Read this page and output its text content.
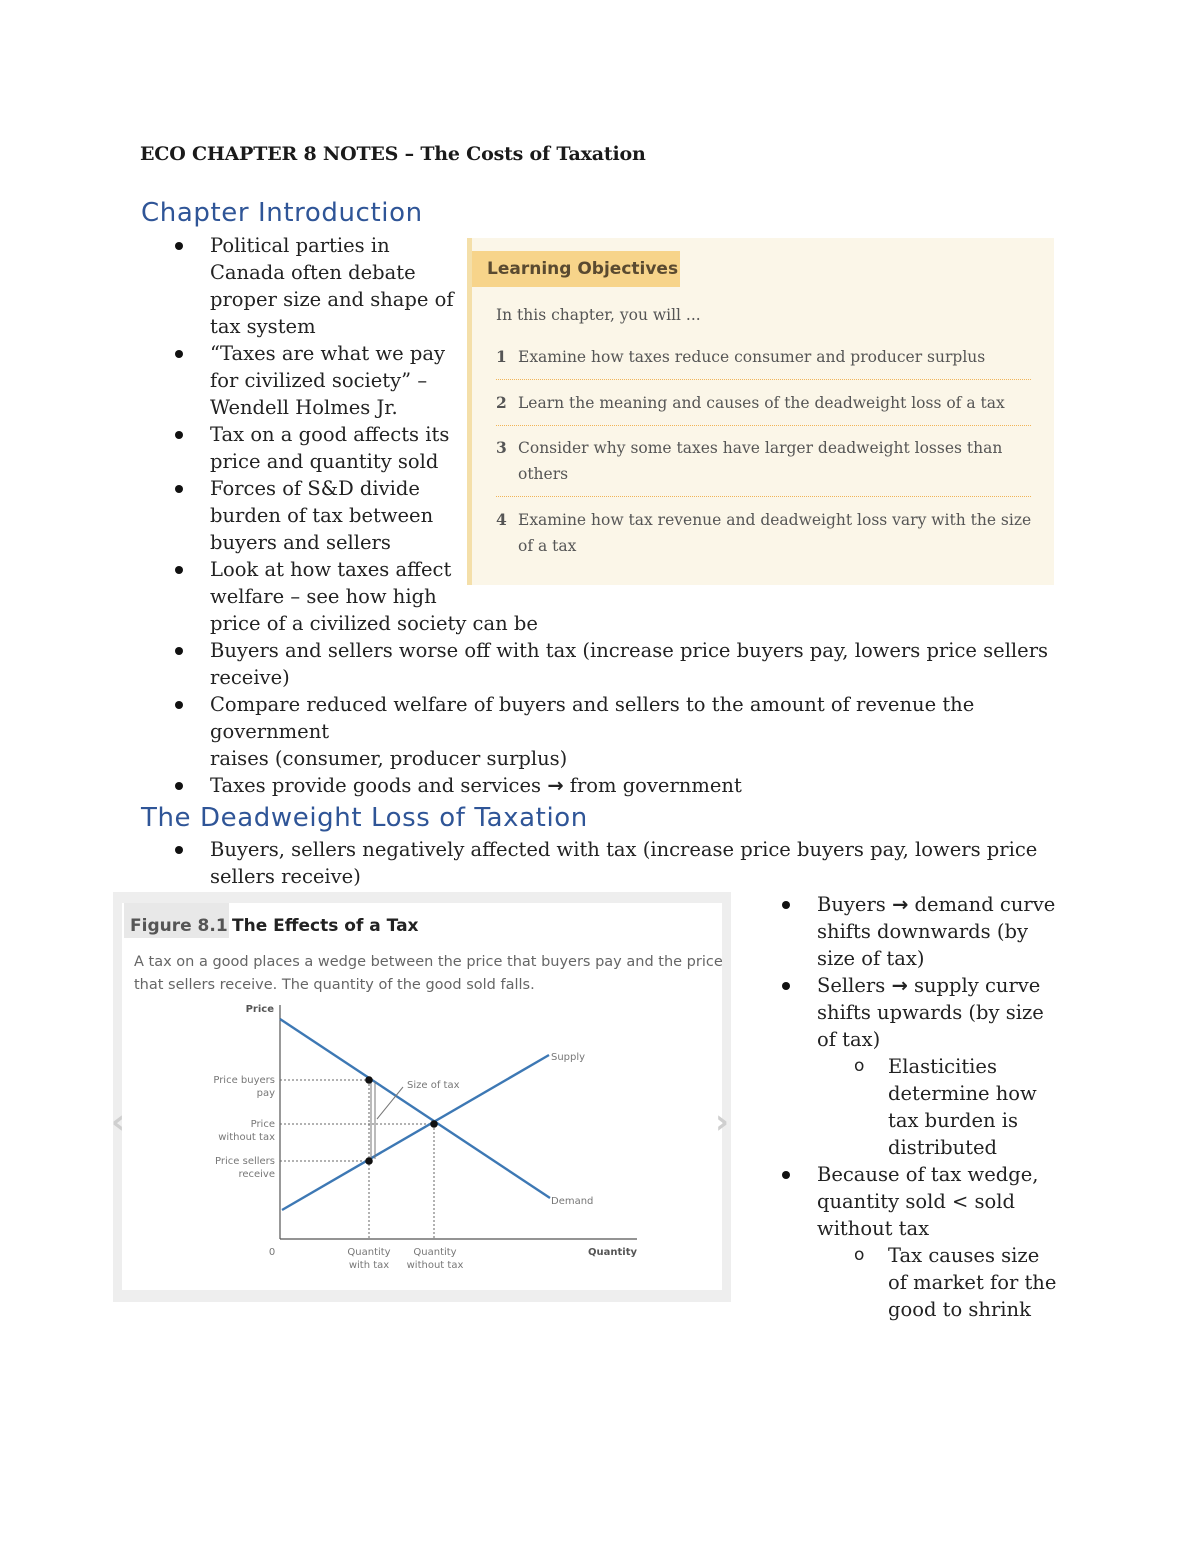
ECO CHAPTER 8 NOTES – The Costs of Taxation
Chapter Introduction
Political parties in
Canada often debate
proper size and shape of
tax system
“Taxes are what we pay
for civilized society” –
Wendell Holmes Jr.
Tax on a good affects its
price and quantity sold
Forces of S&D divide
burden of tax between
buyers and sellers
Look at how taxes affect
welfare – see how high
price of a civilized society can be
Buyers and sellers worse off with tax (increase price buyers pay, lowers price sellers
receive)
Compare reduced welfare of buyers and sellers to the amount of revenue the government
raises (consumer, producer surplus)
Taxes provide goods and services → from government
Learning Objectives
In this chapter, you will ...
1 Examine how taxes reduce consumer and producer surplus
2 Learn the meaning and causes of the deadweight loss of a tax
3 Consider why some taxes have larger deadweight losses than
others
4 Examine how tax revenue and deadweight loss vary with the size
of a tax
The Deadweight Loss of Taxation
Buyers, sellers negatively affected with tax (increase price buyers pay, lowers price
sellers receive)
Figure 8.1 The Effects of a Tax
A tax on a good places a wedge between the price that buyers pay and the price
that sellers receive. The quantity of the good sold falls.
Price
Quantity
0
Size of tax
Supply
Demand
Price buyers
pay
Price
without tax
Price sellers
receive
Quantity
with tax
Quantity
without tax
‹	›
Buyers → demand curve
shifts downwards (by
size of tax)
Sellers → supply curve
shifts upwards (by size
of tax)
o Elasticities
determine how
tax burden is
distributed
Because of tax wedge,
quantity sold < sold
without tax
o Tax causes size
of market for the
good to shrink
